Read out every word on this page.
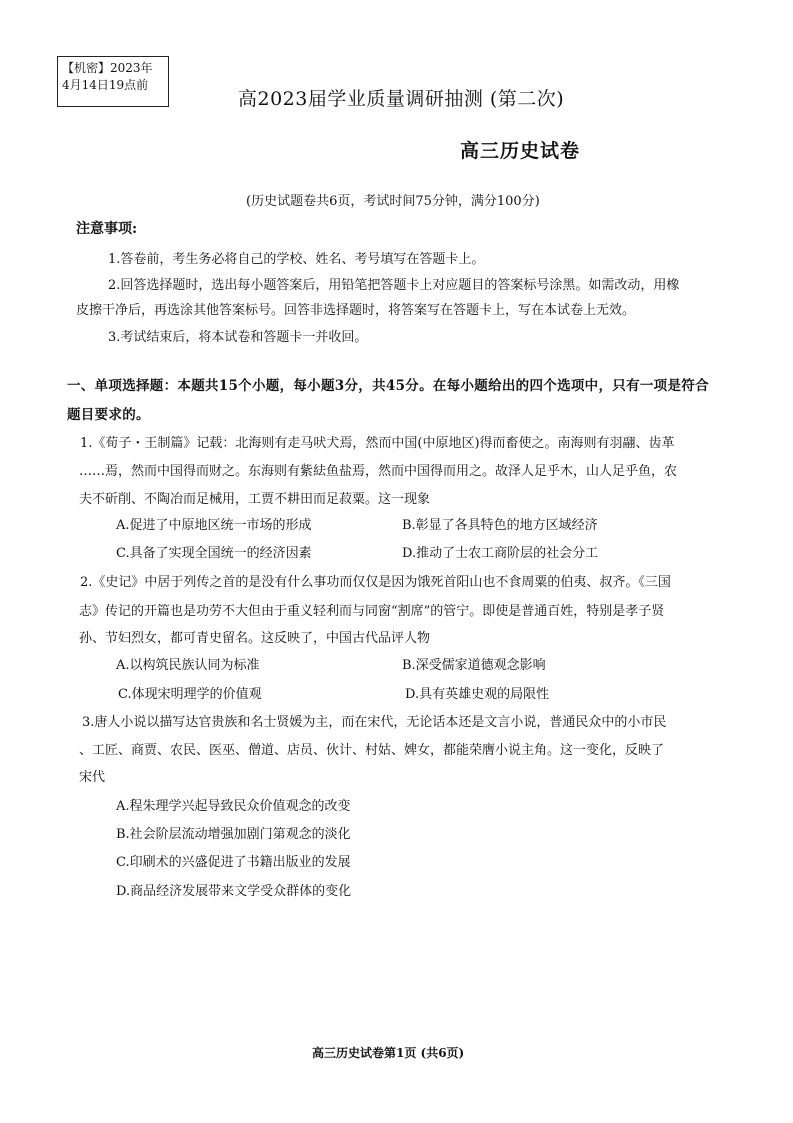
【机密】2023年
4月14日19点前
高2023届学业质量调研抽测 (第二次)
高三历史试卷
(历史试题卷共6页，考试时间75分钟，满分100分)
注意事项:
1.答卷前，考生务必将自己的学校、姓名、考号填写在答题卡上。
2.回答选择题时，选出每小题答案后，用铅笔把答题卡上对应题目的答案标号涂黑。如需改动，用橡
皮擦干净后，再选涂其他答案标号。回答非选择题时，将答案写在答题卡上，写在本试卷上无效。
3.考试结束后，将本试卷和答题卡一并收回。
一、单项选择题：本题共15个小题，每小题3分，共45分。在每小题给出的四个选项中，只有一项是符合
题目要求的。
1.《荀子・王制篇》记载：北海则有走马吠犬焉，然而中国(中原地区)得而畜使之。南海则有羽翮、齿革
……焉，然而中国得而财之。东海则有紫紶鱼盐焉，然而中国得而用之。故泽人足乎木，山人足乎鱼，农
夫不斫削、不陶冶而足械用，工贾不耕田而足菽粟。这一现象
A.促进了中原地区统一市场的形成	B.彰显了各具特色的地方区域经济
C.具备了实现全国统一的经济因素	D.推动了士农工商阶层的社会分工
2.《史记》中居于列传之首的是没有什么事功而仅仅是因为饿死首阳山也不食周粟的伯夷、叔齐。《三国
志》传记的开篇也是功劳不大但由于重义轻利而与同窗“割席”的管宁。即使是普通百姓，特别是孝子贤
孙、节妇烈女，都可青史留名。这反映了，中国古代品评人物
A.以构筑民族认同为标准	B.深受儒家道德观念影响
C.体现宋明理学的价值观	D.具有英雄史观的局限性
3.唐人小说以描写达官贵族和名士贤媛为主，而在宋代，无论话本还是文言小说，普通民众中的小市民
、工匠、商贾、农民、医巫、僧道、店员、伙计、村姑、婢女，都能荣膺小说主角。这一变化，反映了
宋代
A.程朱理学兴起导致民众价值观念的改变
B.社会阶层流动增强加剧门第观念的淡化
C.印刷术的兴盛促进了书籍出版业的发展
D.商品经济发展带来文学受众群体的变化
高三历史试卷第1页 (共6页)
